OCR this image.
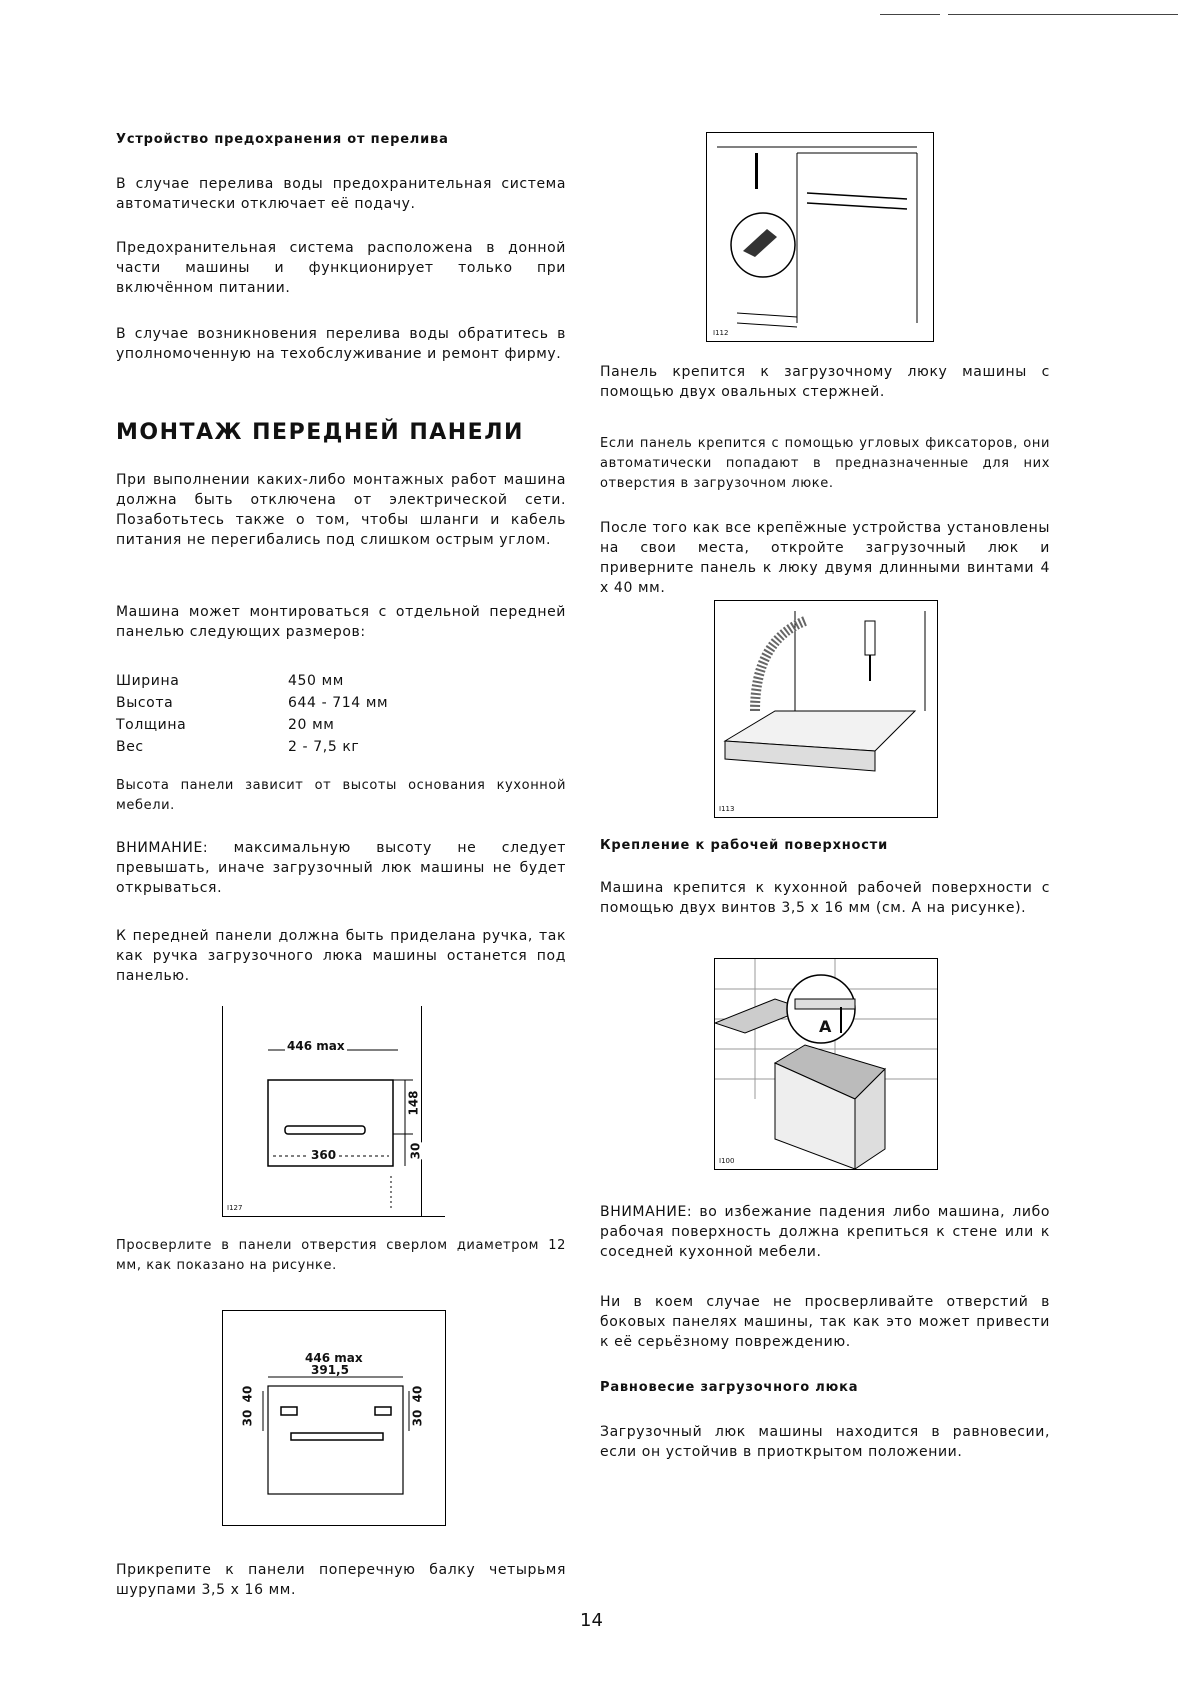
Устройство предохранения от перелива

В случае перелива воды предохранительная система автоматически отключает её подачу.

Предохранительная система расположена в донной части машины и функционирует только при включённом питании.

В случае возникновения перелива воды обратитесь в уполномоченную на техобслуживание и ремонт фирму.

МОНТАЖ ПЕРЕДНЕЙ ПАНЕЛИ

При выполнении каких-либо монтажных работ машина должна быть отключена от электрической сети. Позаботьтесь также о том, чтобы шланги и кабель питания не перегибались под слишком острым углом.

Машина может монтироваться с отдельной передней панелью следующих размеров:

Ширина	450 мм
Высота	644 - 714 мм
Толщина	20 мм
Вес	2 - 7,5 кг

Высота панели зависит от высоты основания кухонной мебели.

ВНИМАНИЕ: максимальную высоту не следует превышать, иначе загрузочный люк машины не будет открываться.

К передней панели должна быть приделана ручка, так как ручка загрузочного люка машины останется под панелью.

446 max
360
148
30
I127

Просверлите в панели отверстия сверлом диаметром 12 мм, как показано на рисунке.

446 max
391,5
40
30
40
30

Прикрепите к панели поперечную балку четырьмя шурупами 3,5 х 16 мм.

I112

Панель крепится к загрузочному люку машины с помощью двух овальных стержней.

Если панель крепится с помощью угловых фиксаторов, они автоматически попадают в предназначенные для них отверстия в загрузочном люке.

После того как все крепёжные устройства установлены на свои места, откройте загрузочный люк и приверните панель к люку двумя длинными винтами 4 х 40 мм.

I113
Крепление к рабочей поверхности

Машина крепится к кухонной рабочей поверхности с помощью двух винтов 3,5 х 16 мм (см. А на рисунке).

A
I100

ВНИМАНИЕ: во избежание падения либо машина, либо рабочая поверхность должна крепиться к стене или к соседней кухонной мебели.

Ни в коем случае не просверливайте отверстий в боковых панелях машины, так как это может привести к её серьёзному повреждению.

Равновесие загрузочного люка

Загрузочный люк машины находится в равновесии, если он устойчив в приоткрытом положении.

14
